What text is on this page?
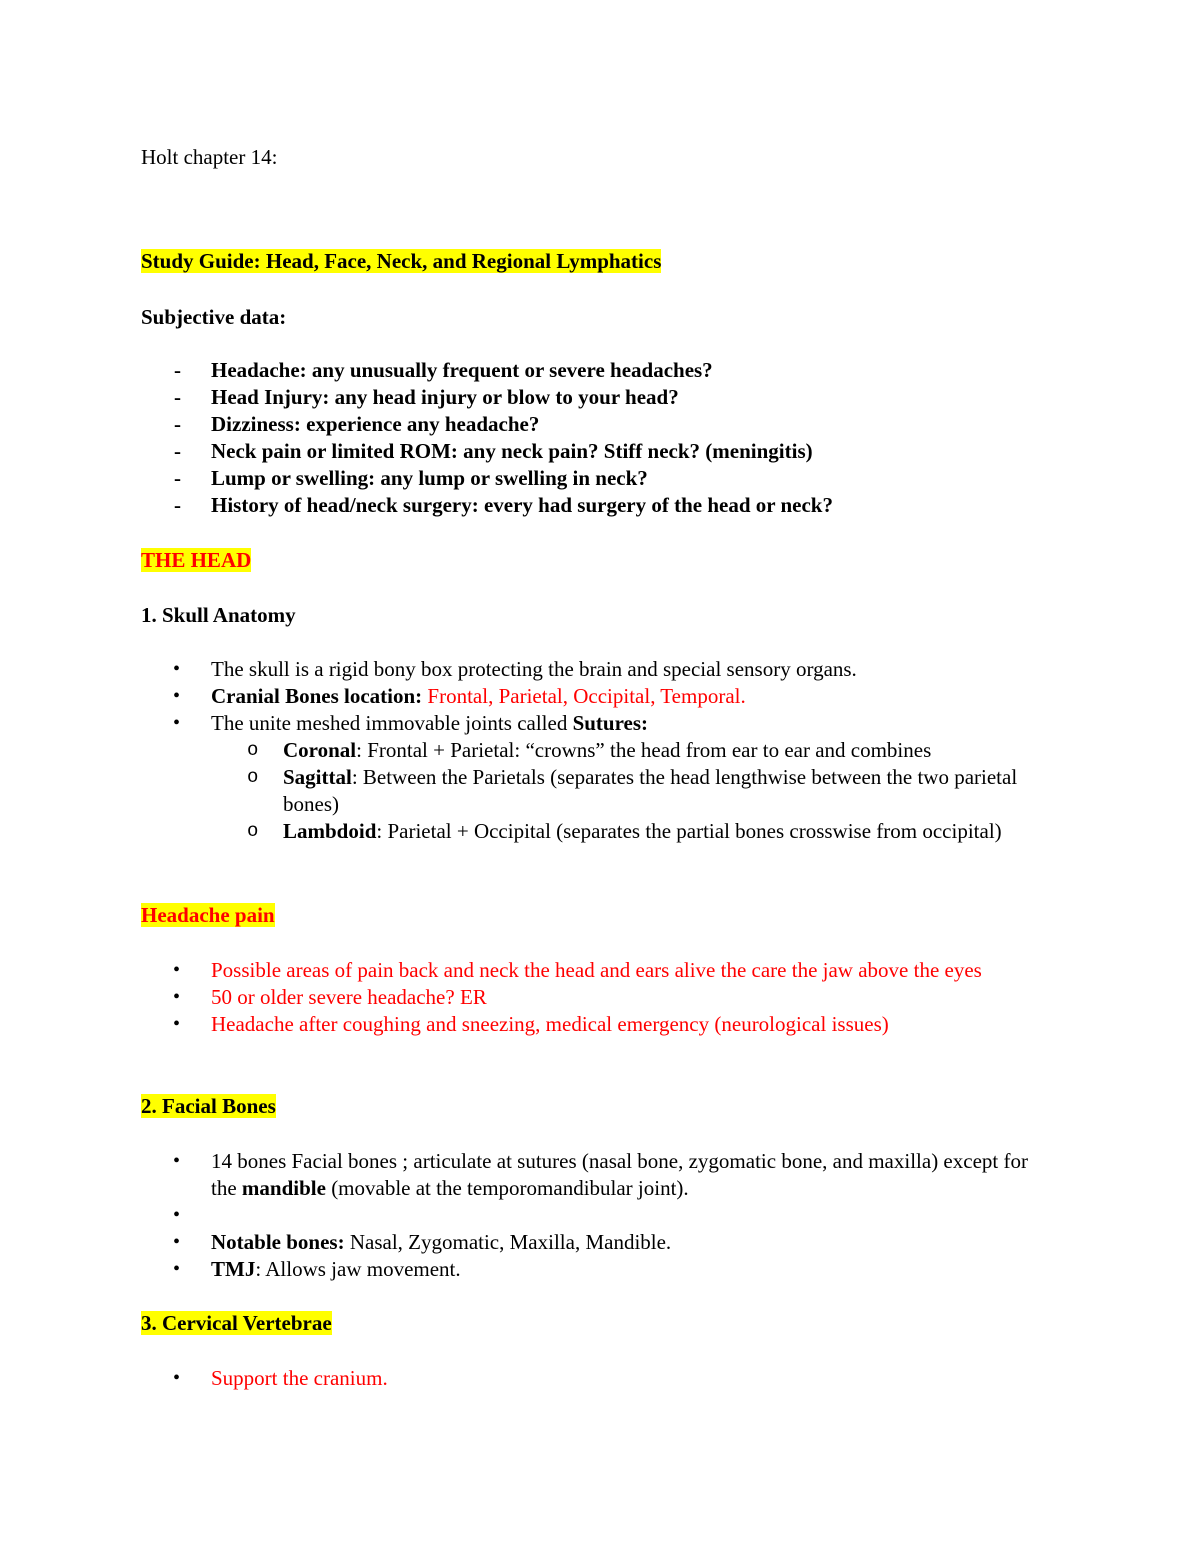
Holt chapter 14:
Study Guide: Head, Face, Neck, and Regional Lymphatics
Subjective data:
- Headache: any unusually frequent or severe headaches?
- Head Injury: any head injury or blow to your head?
- Dizziness: experience any headache?
- Neck pain or limited ROM: any neck pain? Stiff neck? (meningitis)
- Lump or swelling: any lump or swelling in neck?
- History of head/neck surgery: every had surgery of the head or neck?
THE HEAD
1. Skull Anatomy
• The skull is a rigid bony box protecting the brain and special sensory organs.
• Cranial Bones location: Frontal, Parietal, Occipital, Temporal.
• The unite meshed immovable joints called Sutures:
o Coronal: Frontal + Parietal: “crowns” the head from ear to ear and combines
o Sagittal: Between the Parietals (separates the head lengthwise between the two parietal bones)
o Lambdoid: Parietal + Occipital (separates the partial bones crosswise from occipital)
Headache pain
• Possible areas of pain back and neck the head and ears alive the care the jaw above the eyes
• 50 or older severe headache? ER
• Headache after coughing and sneezing, medical emergency (neurological issues)
2. Facial Bones
• 14 bones Facial bones ; articulate at sutures (nasal bone, zygomatic bone, and maxilla) except for the mandible (movable at the temporomandibular joint).
•
• Notable bones: Nasal, Zygomatic, Maxilla, Mandible.
• TMJ: Allows jaw movement.
3. Cervical Vertebrae
• Support the cranium.
